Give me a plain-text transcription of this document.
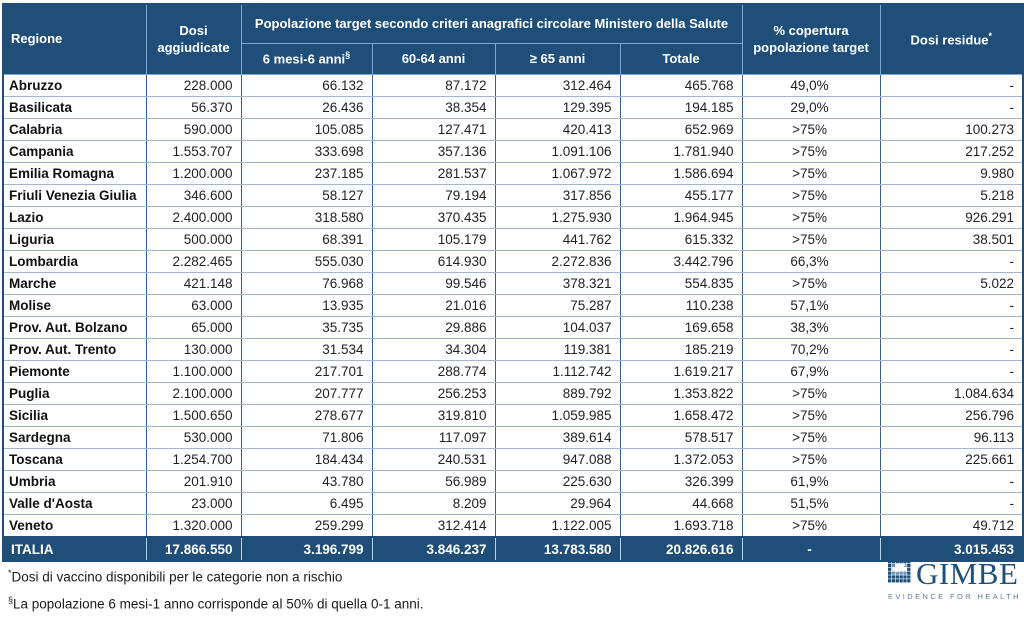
Regione	Dosi aggiudicate	Popolazione target secondo criteri anagrafici circolare Ministero della Salute				% copertura popolazione target	Dosi residue*
		6 mesi-6 anni§	60-64 anni	≥ 65 anni	Totale		
Abruzzo	228.000	66.132	87.172	312.464	465.768	49,0%	-
Basilicata	56.370	26.436	38.354	129.395	194.185	29,0%	-
Calabria	590.000	105.085	127.471	420.413	652.969	>75%	100.273
Campania	1.553.707	333.698	357.136	1.091.106	1.781.940	>75%	217.252
Emilia Romagna	1.200.000	237.185	281.537	1.067.972	1.586.694	>75%	9.980
Friuli Venezia Giulia	346.600	58.127	79.194	317.856	455.177	>75%	5.218
Lazio	2.400.000	318.580	370.435	1.275.930	1.964.945	>75%	926.291
Liguria	500.000	68.391	105.179	441.762	615.332	>75%	38.501
Lombardia	2.282.465	555.030	614.930	2.272.836	3.442.796	66,3%	-
Marche	421.148	76.968	99.546	378.321	554.835	>75%	5.022
Molise	63.000	13.935	21.016	75.287	110.238	57,1%	-
Prov. Aut. Bolzano	65.000	35.735	29.886	104.037	169.658	38,3%	-
Prov. Aut. Trento	130.000	31.534	34.304	119.381	185.219	70,2%	-
Piemonte	1.100.000	217.701	288.774	1.112.742	1.619.217	67,9%	-
Puglia	2.100.000	207.777	256.253	889.792	1.353.822	>75%	1.084.634
Sicilia	1.500.650	278.677	319.810	1.059.985	1.658.472	>75%	256.796
Sardegna	530.000	71.806	117.097	389.614	578.517	>75%	96.113
Toscana	1.254.700	184.434	240.531	947.088	1.372.053	>75%	225.661
Umbria	201.910	43.780	56.989	225.630	326.399	61,9%	-
Valle d'Aosta	23.000	6.495	8.209	29.964	44.668	51,5%	-
Veneto	1.320.000	259.299	312.414	1.122.005	1.693.718	>75%	49.712
ITALIA	17.866.550	3.196.799	3.846.237	13.783.580	20.826.616	-	3.015.453
*Dosi di vaccino disponibili per le categorie non a rischio
§La popolazione 6 mesi-1 anno corrisponde al 50% di quella 0-1 anni.
GIMBE
EVIDENCE FOR HEALTH
